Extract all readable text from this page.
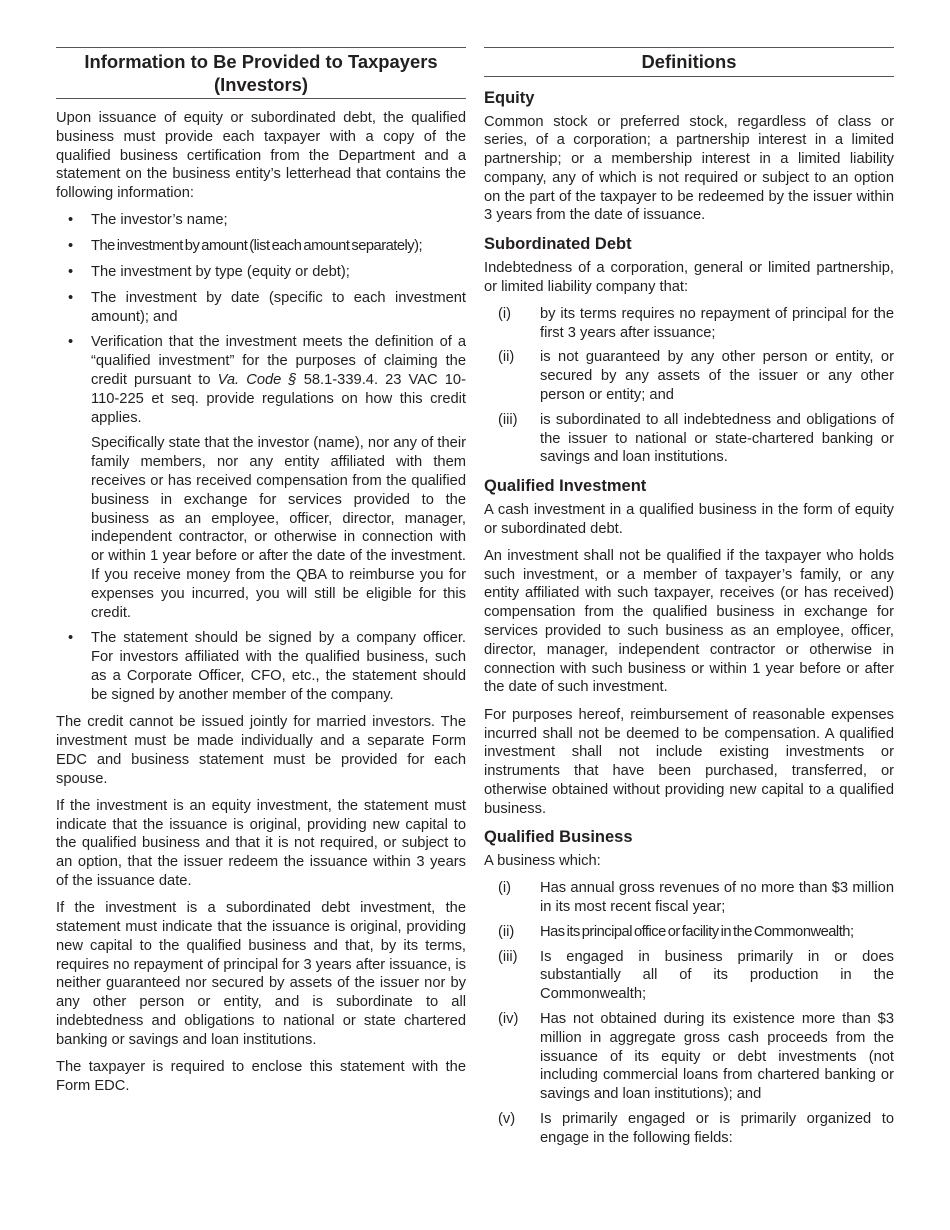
Information to Be Provided to Taxpayers (Investors)

Upon issuance of equity or subordinated debt, the qualified business must provide each taxpayer with a copy of the qualified business certification from the Department and a statement on the business entity’s letterhead that contains the following information:

• The investor’s name;

• The investment by amount (list each amount separately);

• The investment by type (equity or debt);

• The investment by date (specific to each investment amount); and

• Verification that the investment meets the definition of a “qualified investment” for the purposes of claiming the credit pursuant to Va. Code § 58.1-339.4. 23 VAC 10-110-225 et seq. provide regulations on how this credit applies.

Specifically state that the investor (name), nor any of their family members, nor any entity affiliated with them receives or has received compensation from the qualified business in exchange for services provided to the business as an employee, officer, director, manager, independent contractor, or otherwise in connection with or within 1 year before or after the date of the investment. If you receive money from the QBA to reimburse you for expenses you incurred, you will still be eligible for this credit.

• The statement should be signed by a company officer. For investors affiliated with the qualified business, such as a Corporate Officer, CFO, etc., the statement should be signed by another member of the company.

The credit cannot be issued jointly for married investors. The investment must be made individually and a separate Form EDC and business statement must be provided for each spouse.

If the investment is an equity investment, the statement must indicate that the issuance is original, providing new capital to the qualified business and that it is not required, or subject to an option, that the issuer redeem the issuance within 3 years of the issuance date.

If the investment is a subordinated debt investment, the statement must indicate that the issuance is original, providing new capital to the qualified business and that, by its terms, requires no repayment of principal for 3 years after issuance, is neither guaranteed nor secured by assets of the issuer nor by any other person or entity, and is subordinate to all indebtedness and obligations to national or state chartered banking or savings and loan institutions.

The taxpayer is required to enclose this statement with the Form EDC.

Definitions
Equity

Common stock or preferred stock, regardless of class or series, of a corporation; a partnership interest in a limited partnership; or a membership interest in a limited liability company, any of which is not required or subject to an option on the part of the taxpayer to be redeemed by the issuer within 3 years from the date of issuance.

Subordinated Debt

Indebtedness of a corporation, general or limited partnership, or limited liability company that:

(i) by its terms requires no repayment of principal for the first 3 years after issuance;

(ii) is not guaranteed by any other person or entity, or secured by any assets of the issuer or any other person or entity; and

(iii) is subordinated to all indebtedness and obligations of the issuer to national or state-chartered banking or savings and loan institutions.

Qualified Investment

A cash investment in a qualified business in the form of equity or subordinated debt.

An investment shall not be qualified if the taxpayer who holds such investment, or a member of taxpayer’s family, or any entity affiliated with such taxpayer, receives (or has received) compensation from the qualified business in exchange for services provided to such business as an employee, officer, director, manager, independent contractor or otherwise in connection with such business or within 1 year before or after the date of such investment.

For purposes hereof, reimbursement of reasonable expenses incurred shall not be deemed to be compensation. A qualified investment shall not include existing investments or instruments that have been purchased, transferred, or otherwise obtained without providing new capital to a qualified business.

Qualified Business

A business which:

(i) Has annual gross revenues of no more than $3 million in its most recent fiscal year;

(ii) Has its principal office or facility in the Commonwealth;

(iii) Is engaged in business primarily in or does substantially all of its production in the Commonwealth;

(iv) Has not obtained during its existence more than $3 million in aggregate gross cash proceeds from the issuance of its equity or debt investments (not including commercial loans from chartered banking or savings and loan institutions); and

(v) Is primarily engaged or is primarily organized to engage in the following fields:
